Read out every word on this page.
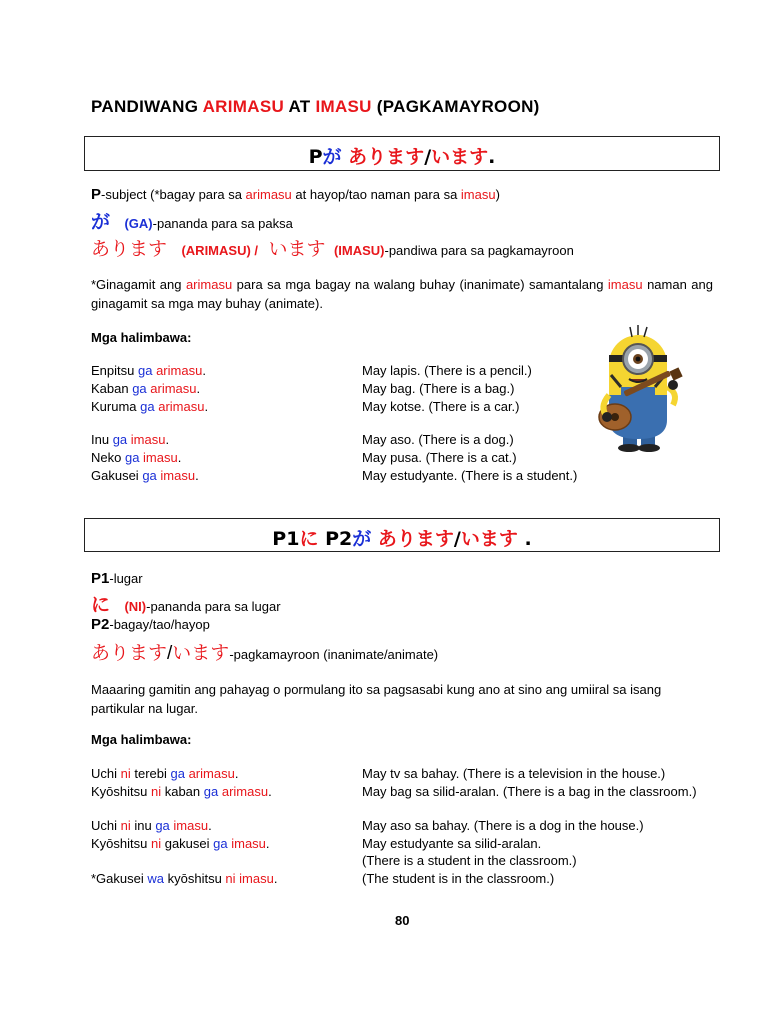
PANDIWANG ARIMASU AT IMASU (PAGKAMAYROON)
Pが あります/います.
P-subject (*bagay para sa arimasu at hayop/tao naman para sa imasu)
が (GA)-pananda para sa paksa
あります (ARIMASU) / います (IMASU)-pandiwa para sa pagkamayroon
*Ginagamit ang arimasu para sa mga bagay na walang buhay (inanimate) samantalang imasu naman ang ginagamit sa mga may buhay (animate).
Mga halimbawa:
Enpitsu ga arimasu.	May lapis. (There is a pencil.)
Kaban ga arimasu.	May bag. (There is a bag.)
Kuruma ga arimasu.	May kotse. (There is a car.)
Inu ga imasu.	May aso. (There is a dog.)
Neko ga imasu.	May pusa. (There is a cat.)
Gakusei ga imasu.	May estudyante. (There is a student.)
P1に P2が あります/います .
P1-lugar
に (NI)-pananda para sa lugar
P2-bagay/tao/hayop
あります/います-pagkamayroon (inanimate/animate)
Maaaring gamitin ang pahayag o pormulang ito sa pagsasabi kung ano at sino ang umiiral sa isang partikular na lugar.
Mga halimbawa:
Uchi ni terebi ga arimasu.	May tv sa bahay. (There is a television in the house.)
Kyōshitsu ni kaban ga arimasu.	May bag sa silid-aralan. (There is a bag in the classroom.)
Uchi ni inu ga imasu.	May aso sa bahay. (There is a dog in the house.)
Kyōshitsu ni gakusei ga imasu.	May estudyante sa silid-aralan.
(There is a student in the classroom.)
*Gakusei wa kyōshitsu ni imasu.	(The student is in the classroom.)
80
